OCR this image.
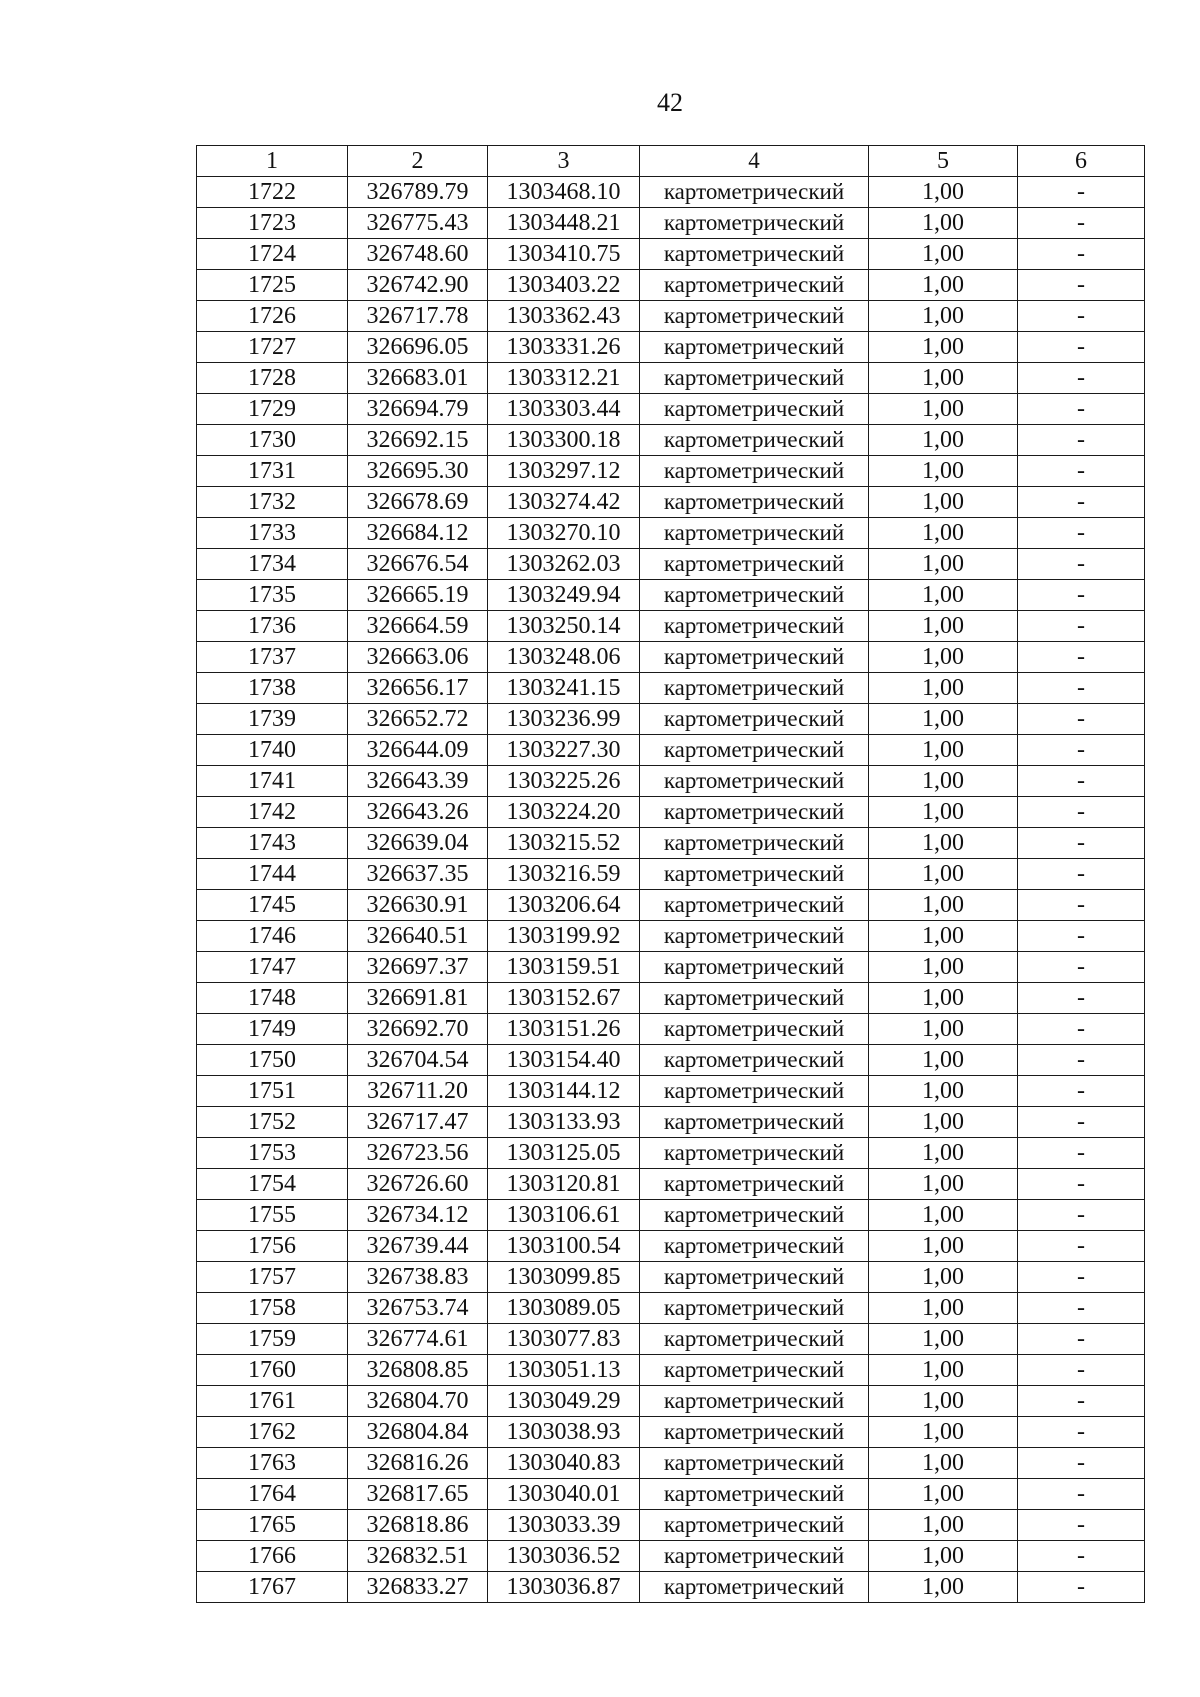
42
1	2	3	4	5	6
1722	326789.79	1303468.10	картометрический	1,00	-
1723	326775.43	1303448.21	картометрический	1,00	-
1724	326748.60	1303410.75	картометрический	1,00	-
1725	326742.90	1303403.22	картометрический	1,00	-
1726	326717.78	1303362.43	картометрический	1,00	-
1727	326696.05	1303331.26	картометрический	1,00	-
1728	326683.01	1303312.21	картометрический	1,00	-
1729	326694.79	1303303.44	картометрический	1,00	-
1730	326692.15	1303300.18	картометрический	1,00	-
1731	326695.30	1303297.12	картометрический	1,00	-
1732	326678.69	1303274.42	картометрический	1,00	-
1733	326684.12	1303270.10	картометрический	1,00	-
1734	326676.54	1303262.03	картометрический	1,00	-
1735	326665.19	1303249.94	картометрический	1,00	-
1736	326664.59	1303250.14	картометрический	1,00	-
1737	326663.06	1303248.06	картометрический	1,00	-
1738	326656.17	1303241.15	картометрический	1,00	-
1739	326652.72	1303236.99	картометрический	1,00	-
1740	326644.09	1303227.30	картометрический	1,00	-
1741	326643.39	1303225.26	картометрический	1,00	-
1742	326643.26	1303224.20	картометрический	1,00	-
1743	326639.04	1303215.52	картометрический	1,00	-
1744	326637.35	1303216.59	картометрический	1,00	-
1745	326630.91	1303206.64	картометрический	1,00	-
1746	326640.51	1303199.92	картометрический	1,00	-
1747	326697.37	1303159.51	картометрический	1,00	-
1748	326691.81	1303152.67	картометрический	1,00	-
1749	326692.70	1303151.26	картометрический	1,00	-
1750	326704.54	1303154.40	картометрический	1,00	-
1751	326711.20	1303144.12	картометрический	1,00	-
1752	326717.47	1303133.93	картометрический	1,00	-
1753	326723.56	1303125.05	картометрический	1,00	-
1754	326726.60	1303120.81	картометрический	1,00	-
1755	326734.12	1303106.61	картометрический	1,00	-
1756	326739.44	1303100.54	картометрический	1,00	-
1757	326738.83	1303099.85	картометрический	1,00	-
1758	326753.74	1303089.05	картометрический	1,00	-
1759	326774.61	1303077.83	картометрический	1,00	-
1760	326808.85	1303051.13	картометрический	1,00	-
1761	326804.70	1303049.29	картометрический	1,00	-
1762	326804.84	1303038.93	картометрический	1,00	-
1763	326816.26	1303040.83	картометрический	1,00	-
1764	326817.65	1303040.01	картометрический	1,00	-
1765	326818.86	1303033.39	картометрический	1,00	-
1766	326832.51	1303036.52	картометрический	1,00	-
1767	326833.27	1303036.87	картометрический	1,00	-
